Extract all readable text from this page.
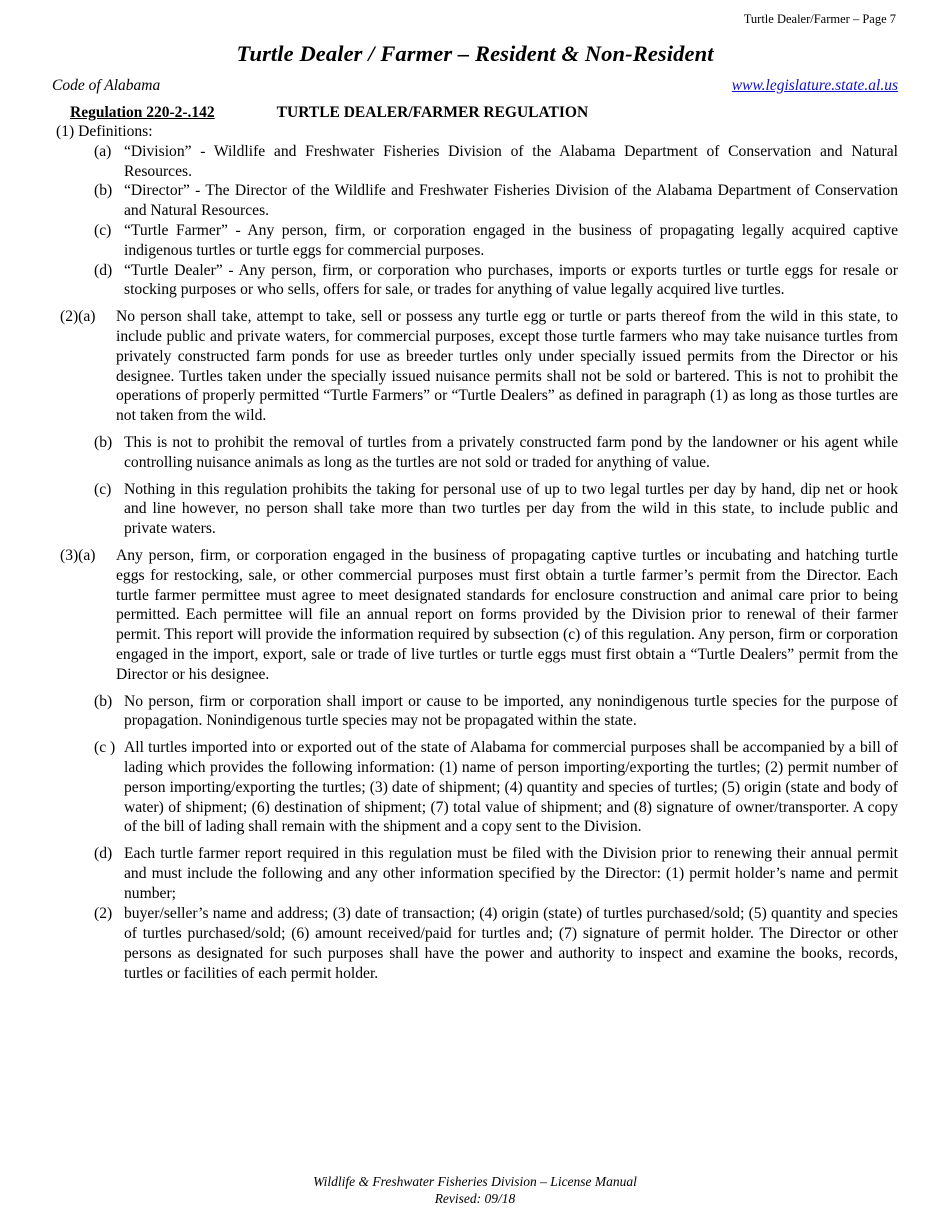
Turtle Dealer/Farmer – Page 7
Turtle Dealer / Farmer – Resident & Non-Resident
Code of Alabama	www.legislature.state.al.us
Regulation 220-2-.142	TURTLE DEALER/FARMER REGULATION

(1) Definitions:

(a) “Division” - Wildlife and Freshwater Fisheries Division of the Alabama Department of Conservation and Natural Resources.
(b) “Director” - The Director of the Wildlife and Freshwater Fisheries Division of the Alabama Department of Conservation and Natural Resources.
(c) “Turtle Farmer” - Any person, firm, or corporation engaged in the business of propagating legally acquired captive indigenous turtles or turtle eggs for commercial purposes.
(d) “Turtle Dealer” - Any person, firm, or corporation who purchases, imports or exports turtles or turtle eggs for resale or stocking purposes or who sells, offers for sale, or trades for anything of value legally acquired live turtles.
(2)(a)	No person shall take, attempt to take, sell or possess any turtle egg or turtle or parts thereof from the wild in this state, to include public and private waters, for commercial purposes, except those turtle farmers who may take nuisance turtles from privately constructed farm ponds for use as breeder turtles only under specially issued permits from the Director or his designee. Turtles taken under the specially issued nuisance permits shall not be sold or bartered. This is not to prohibit the operations of properly permitted “Turtle Farmers” or “Turtle Dealers” as defined in paragraph (1) as long as those turtles are not taken from the wild.
(b) This is not to prohibit the removal of turtles from a privately constructed farm pond by the landowner or his agent while controlling nuisance animals as long as the turtles are not sold or traded for anything of value.
(c) Nothing in this regulation prohibits the taking for personal use of up to two legal turtles per day by hand, dip net or hook and line however, no person shall take more than two turtles per day from the wild in this state, to include public and private waters.
(3)(a)	Any person, firm, or corporation engaged in the business of propagating captive turtles or incubating and hatching turtle eggs for restocking, sale, or other commercial purposes must first obtain a turtle farmer’s permit from the Director. Each turtle farmer permittee must agree to meet designated standards for enclosure construction and animal care prior to being permitted. Each permittee will file an annual report on forms provided by the Division prior to renewal of their farmer permit. This report will provide the information required by subsection (c) of this regulation. Any person, firm or corporation engaged in the import, export, sale or trade of live turtles or turtle eggs must first obtain a “Turtle Dealers” permit from the Director or his designee.
(b) No person, firm or corporation shall import or cause to be imported, any nonindigenous turtle species for the purpose of propagation. Nonindigenous turtle species may not be propagated within the state.
(c ) All turtles imported into or exported out of the state of Alabama for commercial purposes shall be accompanied by a bill of lading which provides the following information: (1) name of person importing/exporting the turtles; (2) permit number of person importing/exporting the turtles; (3) date of shipment; (4) quantity and species of turtles; (5) origin (state and body of water) of shipment; (6) destination of shipment; (7) total value of shipment; and (8) signature of owner/transporter. A copy of the bill of lading shall remain with the shipment and a copy sent to the Division.
(d) Each turtle farmer report required in this regulation must be filed with the Division prior to renewing their annual permit and must include the following and any other information specified by the Director: (1) permit holder’s name and permit number;
(2) buyer/seller’s name and address; (3) date of transaction; (4) origin (state) of turtles purchased/sold; (5) quantity and species of turtles purchased/sold; (6) amount received/paid for turtles and; (7) signature of permit holder. The Director or other persons as designated for such purposes shall have the power and authority to inspect and examine the books, records, turtles or facilities of each permit holder.
Wildlife & Freshwater Fisheries Division – License Manual
Revised: 09/18
